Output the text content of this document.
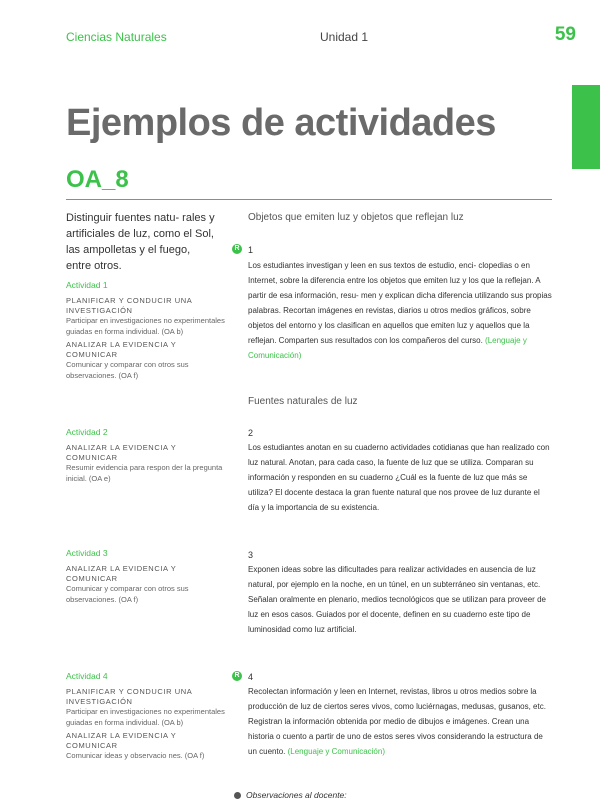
Ciencias Naturales	Unidad 1	59
Ejemplos de actividades
OA_8
Distinguir fuentes natu- rales y artificiales de luz, como el Sol, las ampolletas y el fuego, entre otros.
Actividad 1
PLANIFICAR Y CONDUCIR UNA INVESTIGACIÓN
Participar en investigaciones no experimentales guiadas en forma individual. (OA b)
ANALIZAR LA EVIDENCIA Y COMUNICAR
Comunicar y comparar con otros sus observaciones. (OA f)
Actividad 2
ANALIZAR LA EVIDENCIA Y COMUNICAR
Resumir evidencia para respon der la pregunta inicial. (OA e)
Actividad 3
ANALIZAR LA EVIDENCIA Y COMUNICAR
Comunicar y comparar con otros sus observaciones. (OA f)
Actividad 4
PLANIFICAR Y CONDUCIR UNA INVESTIGACIÓN
Participar en investigaciones no experimentales guiadas en forma individual. (OA b)
ANALIZAR LA EVIDENCIA Y COMUNICAR
Comunicar ideas y observacio nes. (OA f)
Objetos que emiten luz y objetos que reflejan luz
R 1
Los estudiantes investigan y leen en sus textos de estudio, enci- clopedias o en Internet, sobre la diferencia entre los objetos que emiten luz y los que la reflejan. A partir de esa información, resu- men y explican dicha diferencia utilizando sus propias palabras. Recortan imágenes en revistas, diarios u otros medios gráficos, sobre objetos del entorno y los clasifican en aquellos que emiten luz y aquellos que la reflejan. Comparten sus resultados con los compañeros del curso. (Lenguaje y Comunicación)
Fuentes naturales de luz
2
Los estudiantes anotan en su cuaderno actividades cotidianas que han realizado con luz natural. Anotan, para cada caso, la fuente de luz que se utiliza. Comparan su información y responden en su cuaderno ¿Cuál es la fuente de luz que más se utiliza? El docente destaca la gran fuente natural que nos provee de luz durante el día y la importancia de su existencia.
3
Exponen ideas sobre las dificultades para realizar actividades en ausencia de luz natural, por ejemplo en la noche, en un túnel, en un subterráneo sin ventanas, etc. Señalan oralmente en plenario, medios tecnológicos que se utilizan para proveer de luz en esos casos. Guiados por el docente, definen en su cuaderno este tipo de luminosidad como luz artificial.
R 4
Recolectan información y leen en Internet, revistas, libros u otros medios sobre la producción de luz de ciertos seres vivos, como luciérnagas, medusas, gusanos, etc. Registran la información obtenida por medio de dibujos e imágenes. Crean una historia o cuento a partir de uno de estos seres vivos considerando la estructura de un cuento. (Lenguaje y Comunicación)
Observaciones al docente:
